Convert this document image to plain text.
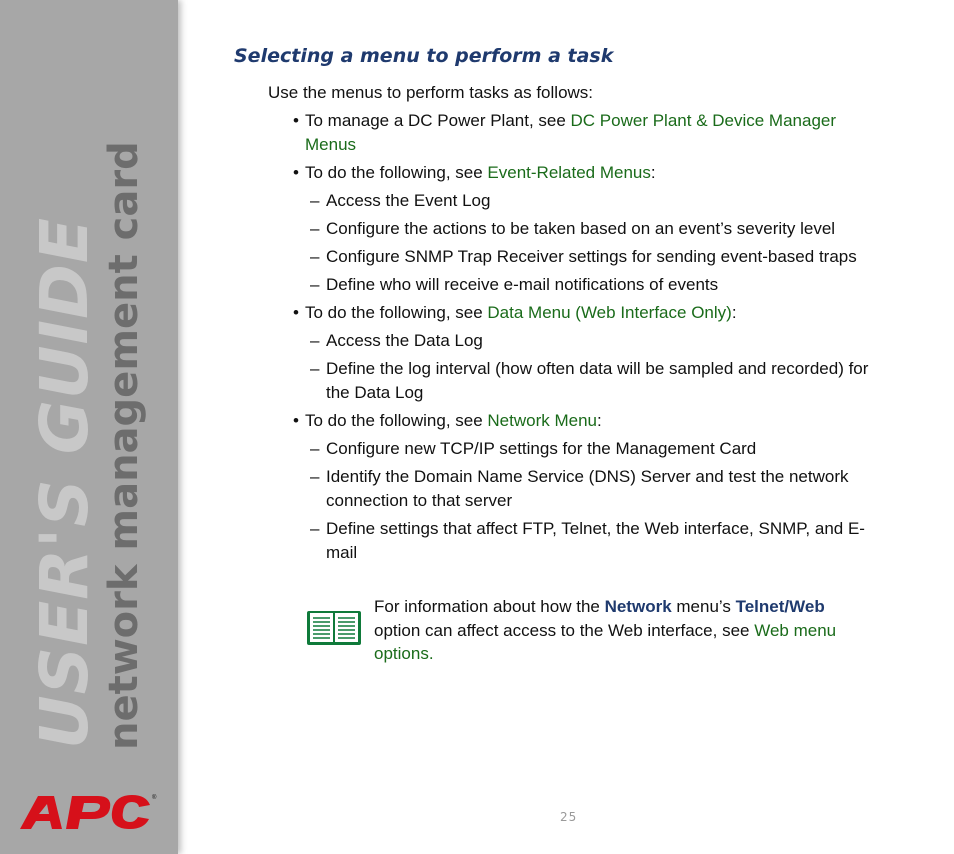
USER'S GUIDE
network management card
®
Selecting a menu to perform a task

Use the menus to perform tasks as follows:

• To manage a DC Power Plant, see DC Power Plant & Device Manager Menus

• To do the following, see Event-Related Menus:

– Access the Event Log

– Configure the actions to be taken based on an event’s severity level

– Configure SNMP Trap Receiver settings for sending event-based traps

– Define who will receive e-mail notifications of events

• To do the following, see Data Menu (Web Interface Only):

– Access the Data Log

– Define the log interval (how often data will be sampled and recorded) for the Data Log

• To do the following, see Network Menu:

– Configure new TCP/IP settings for the Management Card

– Identify the Domain Name Service (DNS) Server and test the network connection to that server

– Define settings that affect FTP, Telnet, the Web interface, SNMP, and E-mail

For information about how the Network menu’s Telnet/Web option can affect access to the Web interface, see Web menu options.
25
